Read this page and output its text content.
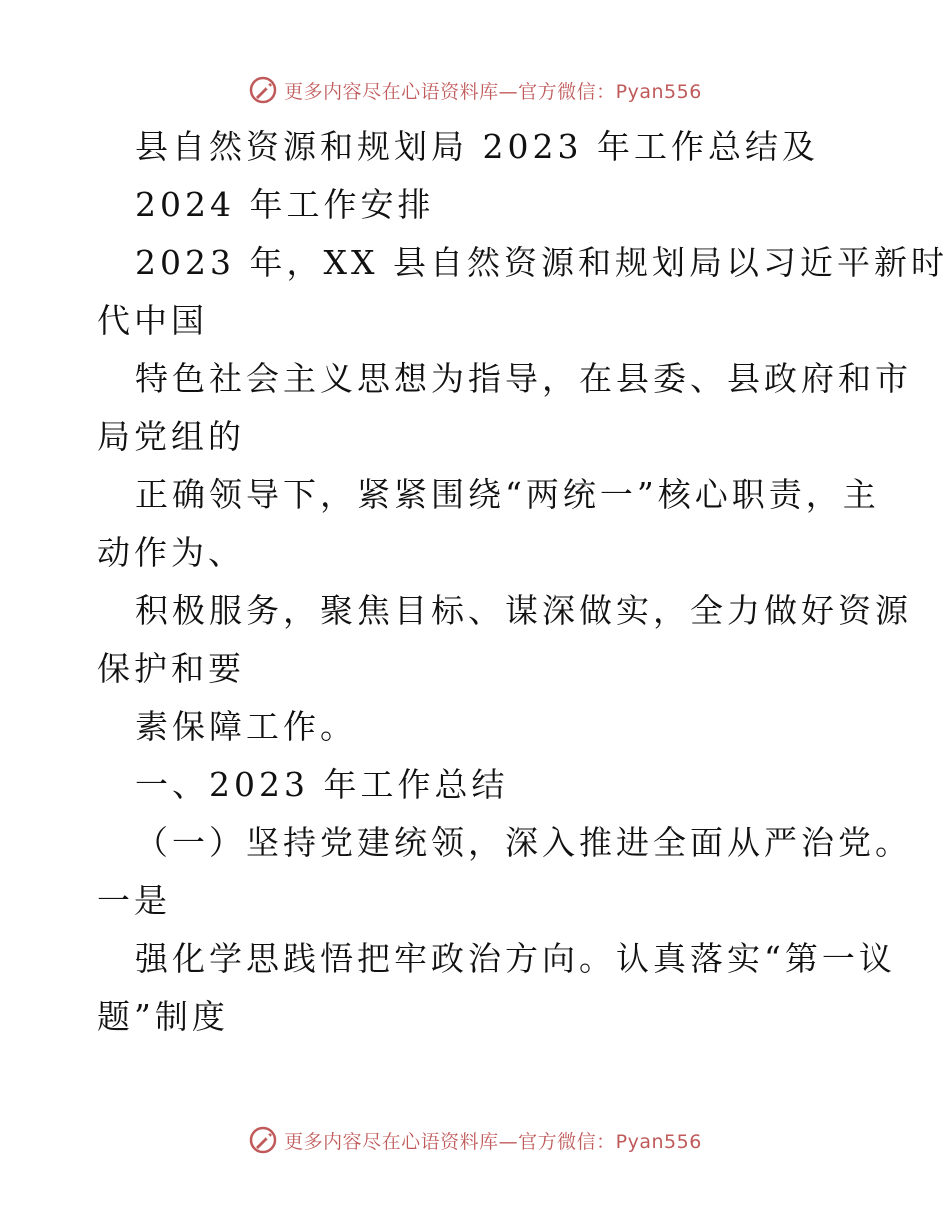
更多内容尽在心语资料库—官方微信：Pyan556
县自然资源和规划局 2023 年工作总结及
2024 年工作安排
2023 年，XX 县自然资源和规划局以习近平新时
代中国
特色社会主义思想为指导，在县委、县政府和市
局党组的
正确领导下，紧紧围绕“两统一”核心职责，主
动作为、
积极服务，聚焦目标、谋深做实，全力做好资源
保护和要
素保障工作。
一、2023 年工作总结
（一）坚持党建统领，深入推进全面从严治党。
一是
强化学思践悟把牢政治方向。认真落实“第一议
题”制度
更多内容尽在心语资料库—官方微信：Pyan556
